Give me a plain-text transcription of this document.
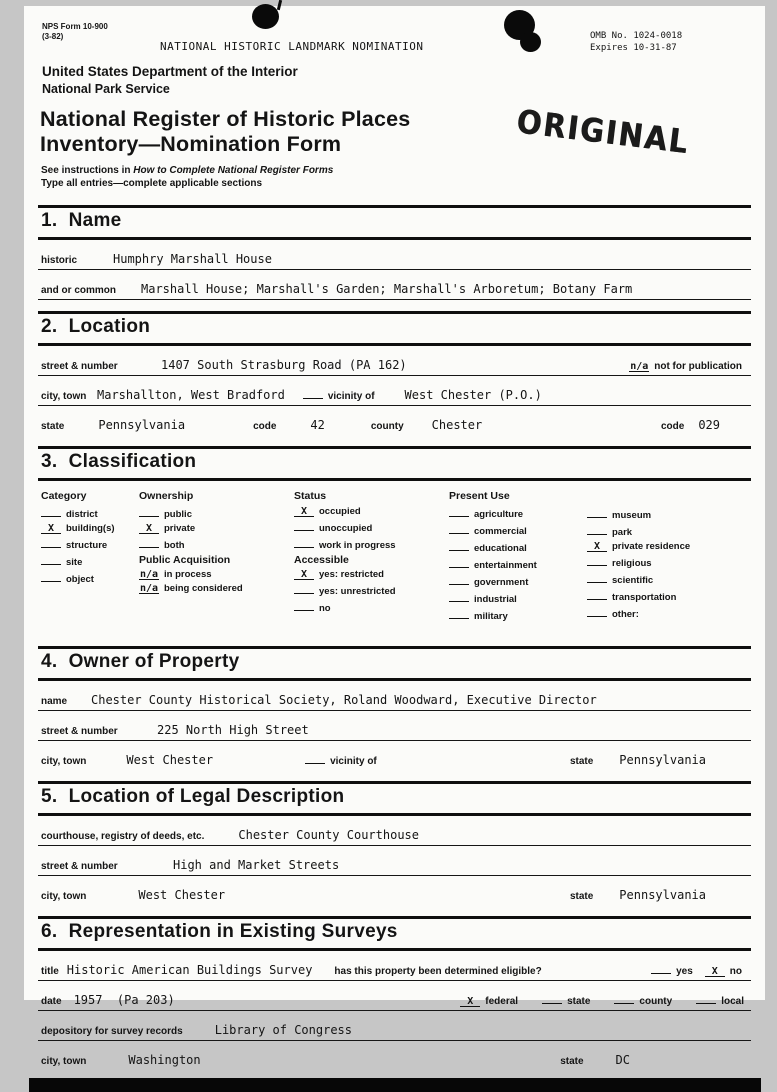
NPS Form 10-900
(3-82)
NATIONAL HISTORIC LANDMARK NOMINATION
OMB No. 1024-0018
Expires 10-31-87
United States Department of the Interior
National Park Service
National Register of Historic Places
Inventory—Nomination Form	ORIGINAL
See instructions in How to Complete National Register Forms
Type all entries—complete applicable sections
1.  Name
historic	Humphry Marshall House
and or common	Marshall House; Marshall's Garden; Marshall's Arboretum; Botany Farm
2.  Location
street & number	1407 South Strasburg Road (PA 162)	n/a not for publication
city, town Marshallton, West Bradford	vicinity of	West Chester (P.O.)
state	Pennsylvania	code	42	county Chester	code 029
3.  Classification
Category
district
X	building(s)
structure
site
object
Ownership
public
X	private
both
Public Acquisition
n/a in process
n/a being considered
Status
X	occupied
unoccupied
work in progress
Accessible
X	yes: restricted
yes: unrestricted
no
Present Use
agriculture
commercial
educational
entertainment
government
industrial
military
museum
park
X	private residence
religious
scientific
transportation
other:
4.  Owner of Property
name	Chester County Historical Society, Roland Woodward, Executive Director
street & number	225 North High Street
city, town	West Chester	vicinity of	state Pennsylvania
5.  Location of Legal Description
courthouse, registry of deeds, etc.	Chester County Courthouse
street & number	High and Market Streets
city, town	West Chester	state Pennsylvania
6.  Representation in Existing Surveys
title Historic American Buildings Survey has this property been determined eligible?	yes	X	no
date 1957  (Pa 203)	X	federal	state	county	local
depository for survey records	Library of Congress
city, town	Washington	state	DC
